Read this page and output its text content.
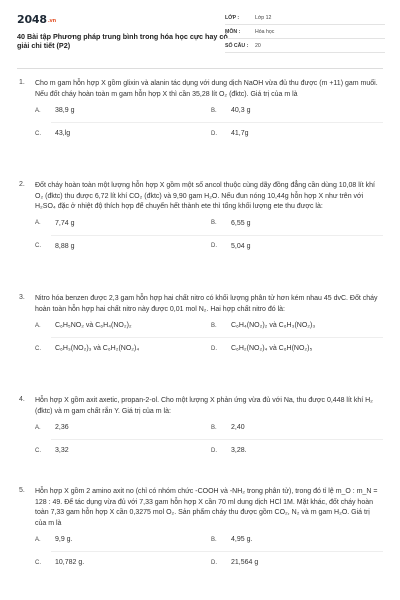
2048.vn
40 Bài tập Phương pháp trung bình trong hóa học cực hay có giải chi tiết (P2)
LỚP :	Lớp 12
MÔN :	Hóa học
SỐ CÂU :	20
1. Cho m gam hỗn hợp X gồm glixin và alanin tác dụng với dung dịch NaOH vừa đủ thu được (m +11) gam muối. Nếu đốt cháy hoàn toàn m gam hỗn hợp X thì cần 35,28 lít O₂ (đktc). Giá trị của m là
A.	38,9 g	B.	40,3 g
C.	43,lg	D.	41,7g
2. Đốt cháy hoàn toàn một lượng hỗn hợp X gồm một số ancol thuộc cùng dãy đồng đẳng cần dùng 10,08 lít khí O₂ (đktc) thu được 6,72 lít khí CO₂ (đktc) và 9,90 gam H₂O. Nếu đun nóng 10,44g hỗn hợp X như trên với H₂SO₄ đặc ở nhiệt độ thích hợp để chuyển hết thành ete thì tổng khối lượng ete thu được là:
A.	7,74 g	B.	6,55 g
C.	8,88 g	D.	5,04 g
3. Nitro hóa benzen được 2,3 gam hỗn hợp hai chất nitro có khối lượng phân tử hơn kém nhau 45 dvC. Đốt cháy hoàn toàn hỗn hợp hai chất nitro này được 0,01 mol N₂. Hai hợp chất nitro đó là:
A.	C₆H₅NO₂ và C₆H₄(NO₂)₂	B.	C₆H₄(NO₂)₂ và C₆H₃(NO₂)₃
C.	C₆H₃(NO₂)₃ và C₆H₂(NO₂)₄	D.	C₆H₂(NO₂)₄ và C₆H(NO₂)₅
4. Hỗn hợp X gồm axit axetic, propan-2-ol. Cho một lượng X phản ứng vừa đủ với Na, thu được 0,448 lít khí H₂ (đktc) và m gam chất rắn Y. Giá trị của m là:
A.	2,36	B.	2,40
C.	3,32	D.	3,28.
5. Hỗn hợp X gồm 2 amino axit no (chỉ có nhóm chức -COOH và -NH₂ trong phân tử), trong đó tỉ lệ m_O : m_N = 128 : 49. Để tác dụng vừa đủ với 7,33 gam hỗn hợp X cần 70 ml dung dịch HCl 1M. Mặt khác, đốt cháy hoàn toàn 7,33 gam hỗn hợp X cần 0,3275 mol O₂. Sản phẩm cháy thu được gồm CO₂, N₂ và m gam H₂O. Giá trị của m là
A.	9,9 g.	B.	4,95 g.
C.	10,782 g.	D.	21,564 g
